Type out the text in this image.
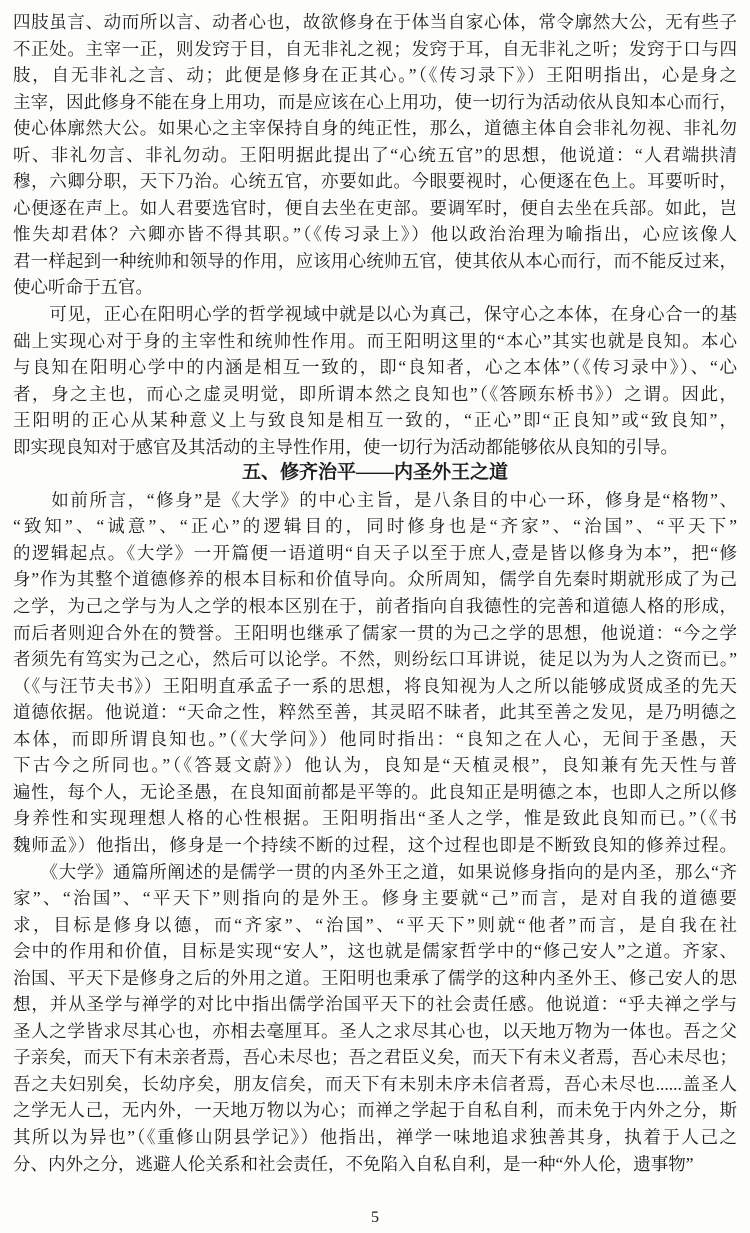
四肢虽言、动而所以言、动者心也，故欲修身在于体当自家心体，常令廓然大公，无有些子
不正处。主宰一正，则发窍于目，自无非礼之视；发窍于耳，自无非礼之听；发窍于口与四
肢，自无非礼之言、动；此便是修身在正其心。”（《传习录下》）王阳明指出，心是身之
主宰，因此修身不能在身上用功，而是应该在心上用功，使一切行为活动依从良知本心而行，
使心体廓然大公。如果心之主宰保持自身的纯正性，那么，道德主体自会非礼勿视、非礼勿
听、非礼勿言、非礼勿动。王阳明据此提出了“心统五官”的思想，他说道：“人君端拱清
穆，六卿分职，天下乃治。心统五官，亦要如此。今眼要视时，心便逐在色上。耳要听时，
心便逐在声上。如人君要选官时，便自去坐在吏部。要调军时，便自去坐在兵部。如此，岂
惟失却君体？六卿亦皆不得其职。”（《传习录上》）他以政治治理为喻指出，心应该像人
君一样起到一种统帅和领导的作用，应该用心统帅五官，使其依从本心而行，而不能反过来，
使心听命于五官。
　　可见，正心在阳明心学的哲学视域中就是以心为真己，保守心之本体，在身心合一的基
础上实现心对于身的主宰性和统帅性作用。而王阳明这里的“本心”其实也就是良知。本心
与良知在阳明心学中的内涵是相互一致的，即“良知者，心之本体”（《传习录中》）、“心
者，身之主也，而心之虚灵明觉，即所谓本然之良知也”（《答顾东桥书》）之谓。因此，
王阳明的正心从某种意义上与致良知是相互一致的，“正心”即“正良知”或“致良知”，
即实现良知对于感官及其活动的主导性作用，使一切行为活动都能够依从良知的引导。
五、修齐治平——内圣外王之道
　　如前所言，“修身”是《大学》的中心主旨，是八条目的中心一环，修身是“格物”、
“致知”、“诚意”、“正心”的逻辑目的，同时修身也是“齐家”、“治国”、“平天下”
的逻辑起点。《大学》一开篇便一语道明“自天子以至于庶人,壹是皆以修身为本”，把“修
身”作为其整个道德修养的根本目标和价值导向。众所周知，儒学自先秦时期就形成了为己
之学，为己之学与为人之学的根本区别在于，前者指向自我德性的完善和道德人格的形成，
而后者则迎合外在的赞誉。王阳明也继承了儒家一贯的为己之学的思想，他说道：“今之学
者须先有笃实为己之心，然后可以论学。不然，则纷纭口耳讲说，徒足以为为人之资而已。”
（《与汪节夫书》）王阳明直承孟子一系的思想，将良知视为人之所以能够成贤成圣的先天
道德依据。他说道：“天命之性，粹然至善，其灵昭不昧者，此其至善之发见，是乃明德之
本体，而即所谓良知也。”（《大学问》）他同时指出：“良知之在人心，无间于圣愚，天
下古今之所同也。”（《答聂文蔚》）他认为，良知是“天植灵根”，良知兼有先天性与普
遍性，每个人，无论圣愚，在良知面前都是平等的。此良知正是明德之本，也即人之所以修
身养性和实现理想人格的心性根据。王阳明指出“圣人之学，惟是致此良知而已。”（《书
魏师孟》）他指出，修身是一个持续不断的过程，这个过程也即是不断致良知的修养过程。
　　《大学》通篇所阐述的是儒学一贯的内圣外王之道，如果说修身指向的是内圣，那么“齐
家”、“治国”、“平天下”则指向的是外王。修身主要就“己”而言，是对自我的道德要
求，目标是修身以德，而“齐家”、“治国”、“平天下”则就“他者”而言，是自我在社
会中的作用和价值，目标是实现“安人”，这也就是儒家哲学中的“修己安人”之道。齐家、
治国、平天下是修身之后的外用之道。王阳明也秉承了儒学的这种内圣外王、修己安人的思
想，并从圣学与禅学的对比中指出儒学治国平天下的社会责任感。他说道：“乎夫禅之学与
圣人之学皆求尽其心也，亦相去毫厘耳。圣人之求尽其心也，以天地万物为一体也。吾之父
子亲矣，而天下有未亲者焉，吾心未尽也；吾之君臣义矣，而天下有未义者焉，吾心未尽也；
吾之夫妇别矣，长幼序矣，朋友信矣，而天下有未别未序未信者焉，吾心未尽也......盖圣人
之学无人己，无内外，一天地万物以为心；而禅之学起于自私自利，而未免于内外之分，斯
其所以为异也”（《重修山阴县学记》）他指出，禅学一味地追求独善其身，执着于人己之
分、内外之分，逃避人伦关系和社会责任，不免陷入自私自利，是一种“外人伦，遗事物”
5
